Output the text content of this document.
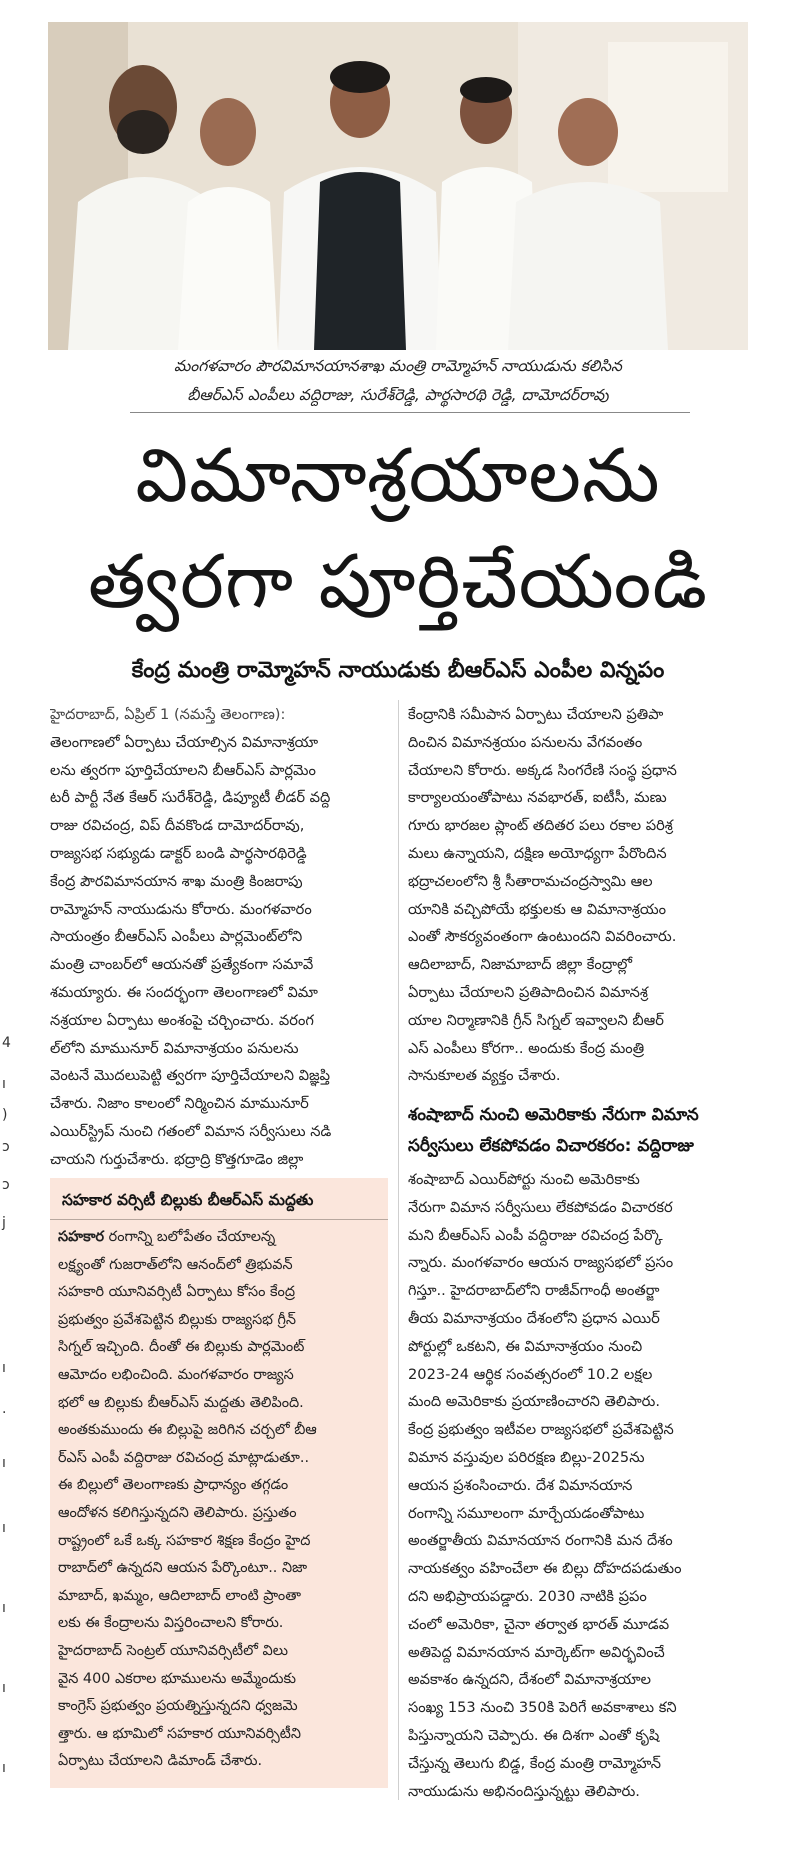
4
ı
)
ɔ
ɔ
j
ı
·
ı
ı
ı
ı
ı
మంగళవారం పౌరవిమానయానశాఖ మంత్రి రామ్మోహన్ నాయుడును కలిసిన
బీఆర్ఎస్ ఎంపీలు వద్దిరాజు, సురేశ్‌రెడ్డి, పార్థసారథి రెడ్డి, దామోదర్‌రావు
విమానాశ్రయాలను
త్వరగా పూర్తిచేయండి
కేంద్ర మంత్రి రామ్మోహన్ నాయుడుకు బీఆర్ఎస్ ఎంపీల విన్నపం
హైదరాబాద్, ఏప్రిల్ 1 (నమస్తే తెలంగాణ):
తెలంగాణలో ఏర్పాటు చేయాల్సిన విమానాశ్రయా
లను త్వరగా పూర్తిచేయాలని బీఆర్ఎస్ పార్లమెం
టరీ పార్టీ నేత కేఆర్ సురేశ్‌రెడ్డి, డిప్యూటీ లీడర్ వద్ది
రాజు రవిచంద్ర, విప్ దీవకొండ దామోదర్‌రావు,
రాజ్యసభ సభ్యుడు డాక్టర్ బండి పార్థసారథిరెడ్డి
కేంద్ర పౌరవిమానయాన శాఖ మంత్రి కింజరాపు
రామ్మోహన్ నాయుడును కోరారు. మంగళవారం
సాయంత్రం బీఆర్ఎస్ ఎంపీలు పార్లమెంట్‌లోని
మంత్రి చాంబర్‌లో ఆయనతో ప్రత్యేకంగా సమావే
శమయ్యారు. ఈ సందర్భంగా తెలంగాణలో విమా
నశ్రయాల ఏర్పాటు అంశంపై చర్చించారు. వరంగ
ల్‌లోని మామునూర్ విమానాశ్రయం పనులను
వెంటనే మొదలుపెట్టి త్వరగా పూర్తిచేయాలని విజ్ఞప్తి
చేశారు. నిజాం కాలంలో నిర్మించిన మామునూర్
ఎయిర్‌స్ట్రిప్ నుంచి గతంలో విమాన సర్వీసులు నడి
చాయని గుర్తుచేశారు. భద్రాద్రి కొత్తగూడెం జిల్లా
కేంద్రానికి సమీపాన ఏర్పాటు చేయాలని ప్రతిపా
దించిన విమానశ్రయం పనులను వేగవంతం
చేయాలని కోరారు. అక్కడ సింగరేణి సంస్థ ప్రధాన
కార్యాలయంతోపాటు నవభారత్, ఐటీసీ, మణు
గూరు భారజల ప్లాంట్ తదితర పలు రకాల పరిశ్ర
మలు ఉన్నాయని, దక్షిణ అయోధ్యగా పేరొందిన
భద్రాచలంలోని శ్రీ సీతారామచంద్రస్వామి ఆల
యానికి వచ్చిపోయే భక్తులకు ఆ విమానాశ్రయం
ఎంతో సౌకర్యవంతంగా ఉంటుందని వివరించారు.
ఆదిలాబాద్, నిజామాబాద్ జిల్లా కేంద్రాల్లో
ఏర్పాటు చేయాలని ప్రతిపాదించిన విమానశ్ర
యాల నిర్మాణానికి గ్రీన్ సిగ్నల్ ఇవ్వాలని బీఆర్
ఎస్ ఎంపీలు కోరగా.. అందుకు కేంద్ర మంత్రి
సానుకూలత వ్యక్తం చేశారు.
శంషాబాద్ నుంచి అమెరికాకు నేరుగా విమాన
సర్వీసులు లేకపోవడం విచారకరం: వద్దిరాజు
శంషాబాద్ ఎయిర్‌పోర్టు నుంచి అమెరికాకు
నేరుగా విమాన సర్వీసులు లేకపోవడం విచారకర
మని బీఆర్ఎస్ ఎంపీ వద్దిరాజు రవిచంద్ర పేర్కొ
న్నారు. మంగళవారం ఆయన రాజ్యసభలో ప్రసం
గిస్తూ.. హైదరాబాద్‌లోని రాజీవ్‌గాంధీ అంతర్జా
తీయ విమానాశ్రయం దేశంలోని ప్రధాన ఎయిర్
పోర్టుల్లో ఒకటని, ఈ విమానాశ్రయం నుంచి
2023-24 ఆర్థిక సంవత్సరంలో 10.2 లక్షల
మంది అమెరికాకు ప్రయాణించారని తెలిపారు.
కేంద్ర ప్రభుత్వం ఇటీవల రాజ్యసభలో ప్రవేశపెట్టిన
విమాన వస్తువుల పరిరక్షణ బిల్లు-2025ను
ఆయన ప్రశంసించారు. దేశ విమానయాన
రంగాన్ని సమూలంగా మార్చేయడంతోపాటు
అంతర్జాతీయ విమానయాన రంగానికి మన దేశం
నాయకత్వం వహించేలా ఈ బిల్లు దోహదపడుతుం
దని అభిప్రాయపడ్డారు. 2030 నాటికి ప్రపం
చంలో అమెరికా, చైనా తర్వాత భారత్ మూడవ
అతిపెద్ద విమానయాన మార్కెట్‌గా అవిర్భవించే
అవకాశం ఉన్నదని, దేశంలో విమానాశ్రయాల
సంఖ్య 153 నుంచి 350కి పెరిగే అవకాశాలు కని
పిస్తున్నాయని చెప్పారు. ఈ దిశగా ఎంతో కృషి
చేస్తున్న తెలుగు బిడ్డ, కేంద్ర మంత్రి రామ్మోహన్
నాయుడును అభినందిస్తున్నట్టు తెలిపారు.
సహకార వర్సిటీ బిల్లుకు బీఆర్ఎస్ మద్దతు
సహకార రంగాన్ని బలోపేతం చేయాలన్న
లక్ష్యంతో గుజరాత్‌లోని ఆనంద్‌లో త్రిభువన్
సహకారి యూనివర్సిటీ ఏర్పాటు కోసం కేంద్ర
ప్రభుత్వం ప్రవేశపెట్టిన బిల్లుకు రాజ్యసభ గ్రీన్
సిగ్నల్ ఇచ్చింది. దీంతో ఈ బిల్లుకు పార్లమెంట్
ఆమోదం లభించింది. మంగళవారం రాజ్యస
భలో ఆ బిల్లుకు బీఆర్ఎస్ మద్దతు తెలిపింది.
అంతకుముందు ఈ బిల్లుపై జరిగిన చర్చలో బీఆ
ర్ఎస్ ఎంపీ వద్దిరాజు రవిచంద్ర మాట్లాడుతూ..
ఈ బిల్లులో తెలంగాణకు ప్రాధాన్యం తగ్గడం
ఆందోళన కలిగిస్తున్నదని తెలిపారు. ప్రస్తుతం
రాష్ట్రంలో ఒకే ఒక్క సహకార శిక్షణ కేంద్రం హైద
రాబాద్‌లో ఉన్నదని ఆయన పేర్కొంటూ.. నిజా
మాబాద్, ఖమ్మం, ఆదిలాబాద్ లాంటి ప్రాంతా
లకు ఈ కేంద్రాలను విస్తరించాలని కోరారు.
హైదరాబాద్ సెంట్రల్ యూనివర్సిటీలో విలు
వైన 400 ఎకరాల భూములను అమ్మేందుకు
కాంగ్రెస్ ప్రభుత్వం ప్రయత్నిస్తున్నదని ధ్వజమె
త్తారు. ఆ భూమిలో సహకార యూనివర్సిటీని
ఏర్పాటు చేయాలని డిమాండ్ చేశారు.
